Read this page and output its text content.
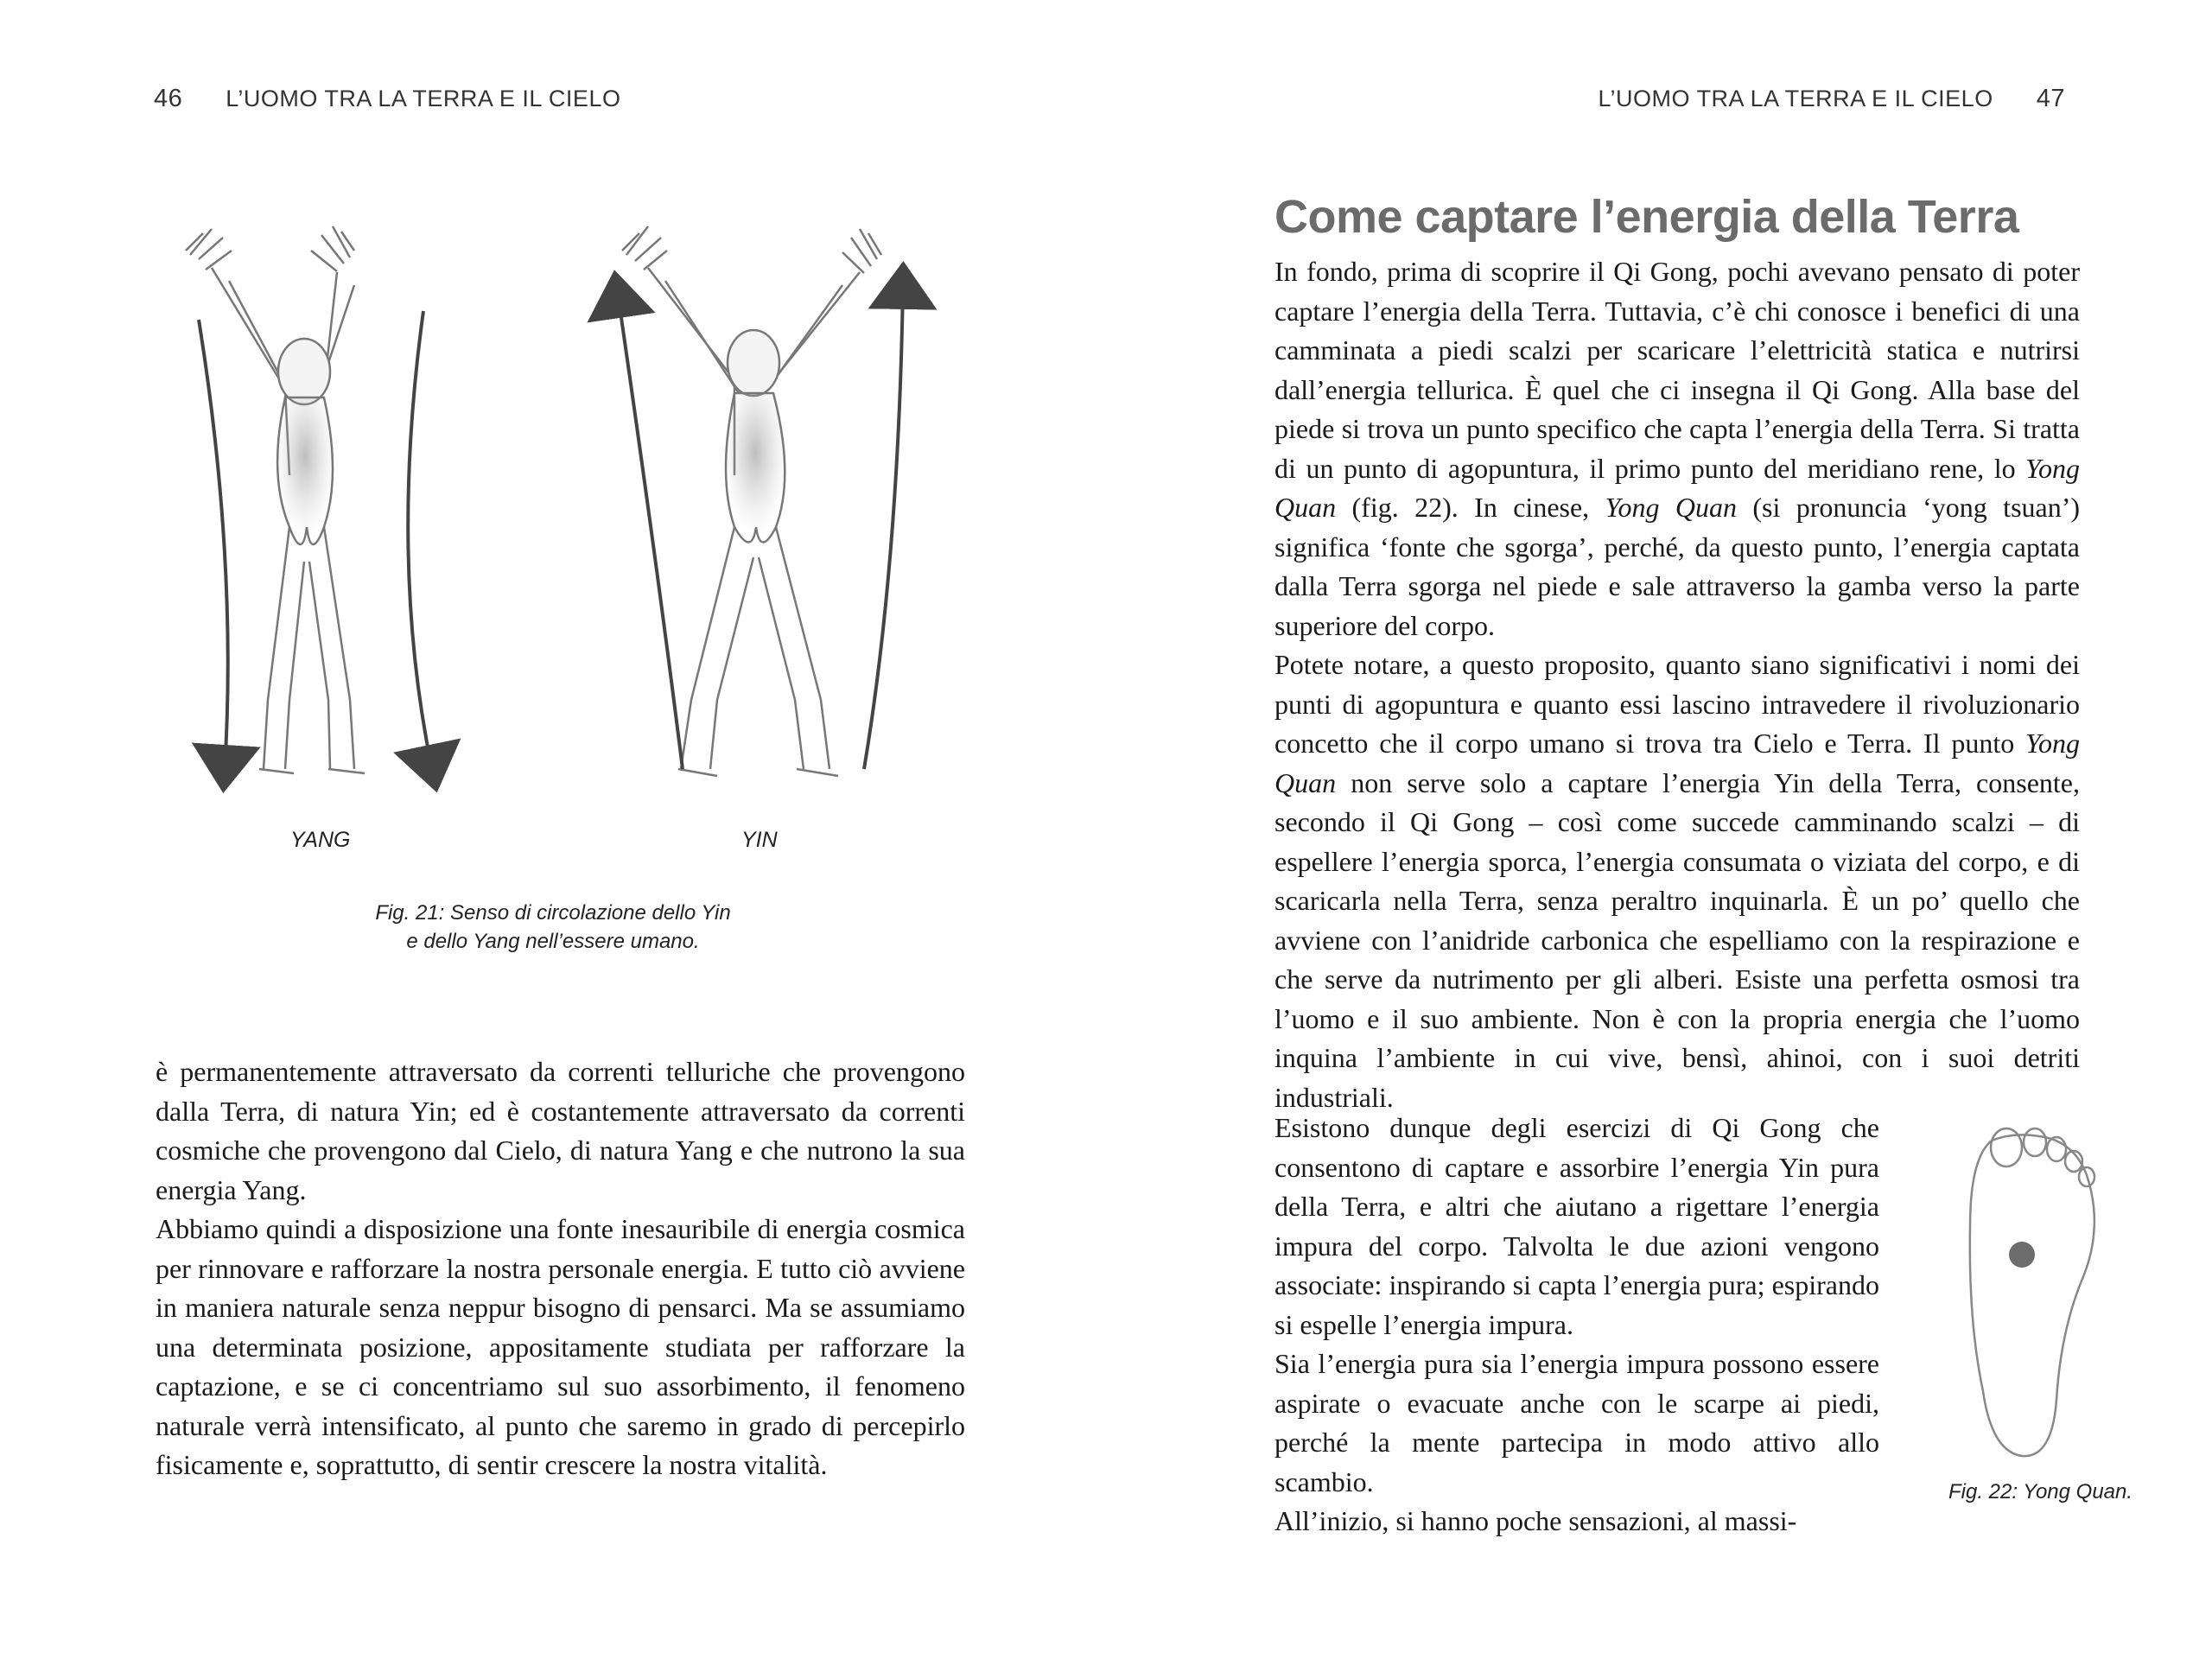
46 L’UOMO TRA LA TERRA E IL CIELO
YANG	YIN
Fig. 21: Senso di circolazione dello Yin
e dello Yang nell’essere umano.

è permanentemente attraversato da correnti telluriche che provengono dalla Terra, di natura Yin; ed è costantemente attraversato da correnti cosmiche che provengono dal Cielo, di natura Yang e che nutrono la sua energia Yang.

Abbiamo quindi a disposizione una fonte inesauribile di energia cosmica per rinnovare e rafforzare la nostra personale energia. E tutto ciò avviene in maniera naturale senza neppur bisogno di pensarci. Ma se assumiamo una determinata posizione, appositamente studiata per rafforzare la captazione, e se ci concentriamo sul suo assorbimento, il fenomeno naturale verrà intensificato, al punto che saremo in grado di percepirlo fisicamente e, soprattutto, di sentir crescere la nostra vitalità.

L’UOMO TRA LA TERRA E IL CIELO 47
Come captare l’energia della Terra

In fondo, prima di scoprire il Qi Gong, pochi avevano pensato di poter captare l’energia della Terra. Tuttavia, c’è chi conosce i benefici di una camminata a piedi scalzi per scaricare l’elettricità statica e nutrirsi dall’energia tellurica. È quel che ci insegna il Qi Gong. Alla base del piede si trova un punto specifico che capta l’energia della Terra. Si tratta di un punto di agopuntura, il primo punto del meridiano rene, lo Yong Quan (fig. 22). In cinese, Yong Quan (si pronuncia ‘yong tsuan’) significa ‘fonte che sgorga’, perché, da questo punto, l’energia captata dalla Terra sgorga nel piede e sale attraverso la gamba verso la parte superiore del corpo.

Potete notare, a questo proposito, quanto siano significativi i nomi dei punti di agopuntura e quanto essi lascino intravedere il rivoluzionario concetto che il corpo umano si trova tra Cielo e Terra. Il punto Yong Quan non serve solo a captare l’energia Yin della Terra, consente, secondo il Qi Gong – così come succede camminando scalzi – di espellere l’energia sporca, l’energia consumata o viziata del corpo, e di scaricarla nella Terra, senza peraltro inquinarla. È un po’ quello che avviene con l’anidride carbonica che espelliamo con la respirazione e che serve da nutrimento per gli alberi. Esiste una perfetta osmosi tra l’uomo e il suo ambiente. Non è con la propria energia che l’uomo inquina l’ambiente in cui vive, bensì, ahinoi, con i suoi detriti industriali.

Esistono dunque degli esercizi di Qi Gong che consentono di captare e assorbire l’energia Yin pura della Terra, e altri che aiutano a rigettare l’energia impura del corpo. Talvolta le due azioni vengono associate: inspirando si capta l’energia pura; espirando si espelle l’energia impura.

Sia l’energia pura sia l’energia impura possono essere aspirate o evacuate anche con le scarpe ai piedi, perché la mente partecipa in modo attivo allo scambio.

All’inizio, si hanno poche sensazioni, al massi-

Fig. 22: Yong Quan.
